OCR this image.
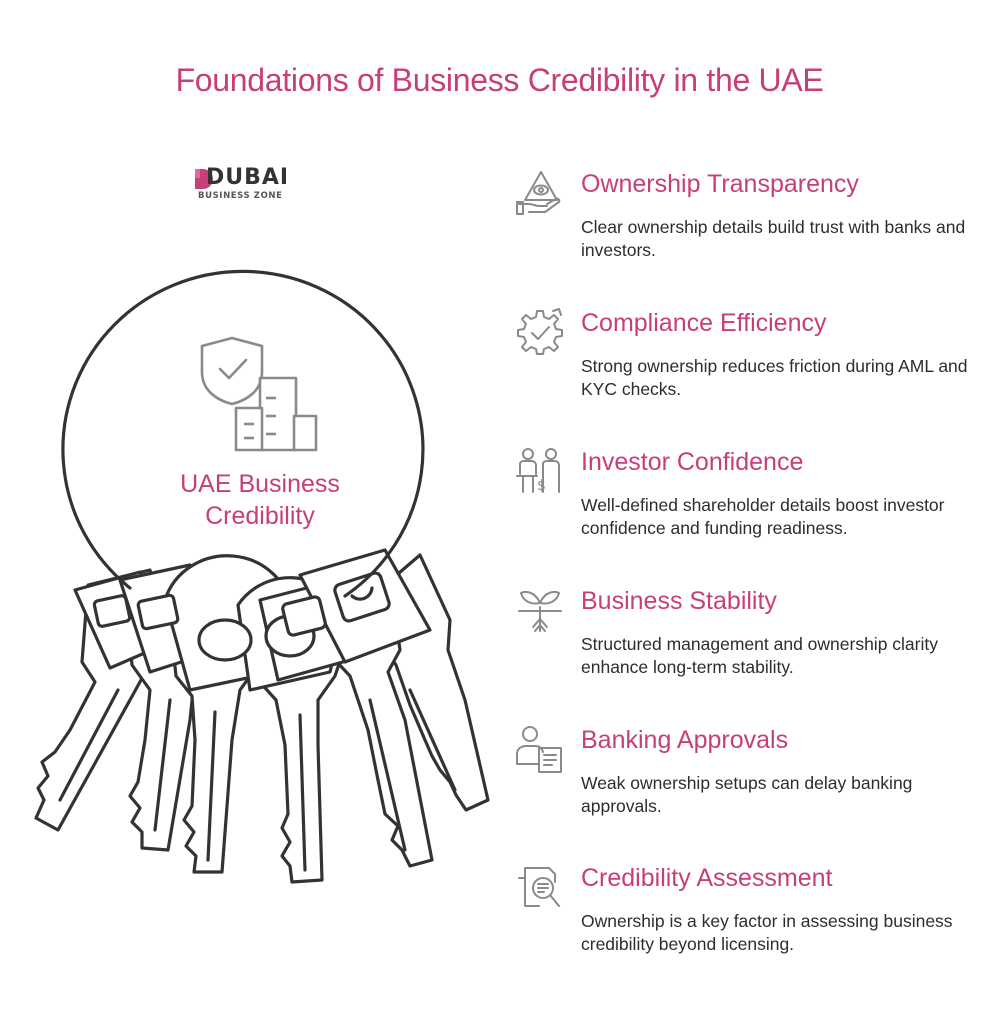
Foundations of Business Credibility in the UAE
DUBAI
BUSINESS ZONE
UAE Business
Credibility
Ownership Transparency
Clear ownership details build trust with banks and investors.
Compliance Efficiency
Strong ownership reduces friction during AML and KYC checks.
$
Investor Confidence
Well-defined shareholder details boost investor confidence and funding readiness.
Business Stability
Structured management and ownership clarity enhance long-term stability.
Banking Approvals
Weak ownership setups can delay banking approvals.
Credibility Assessment
Ownership is a key factor in assessing business credibility beyond licensing.
